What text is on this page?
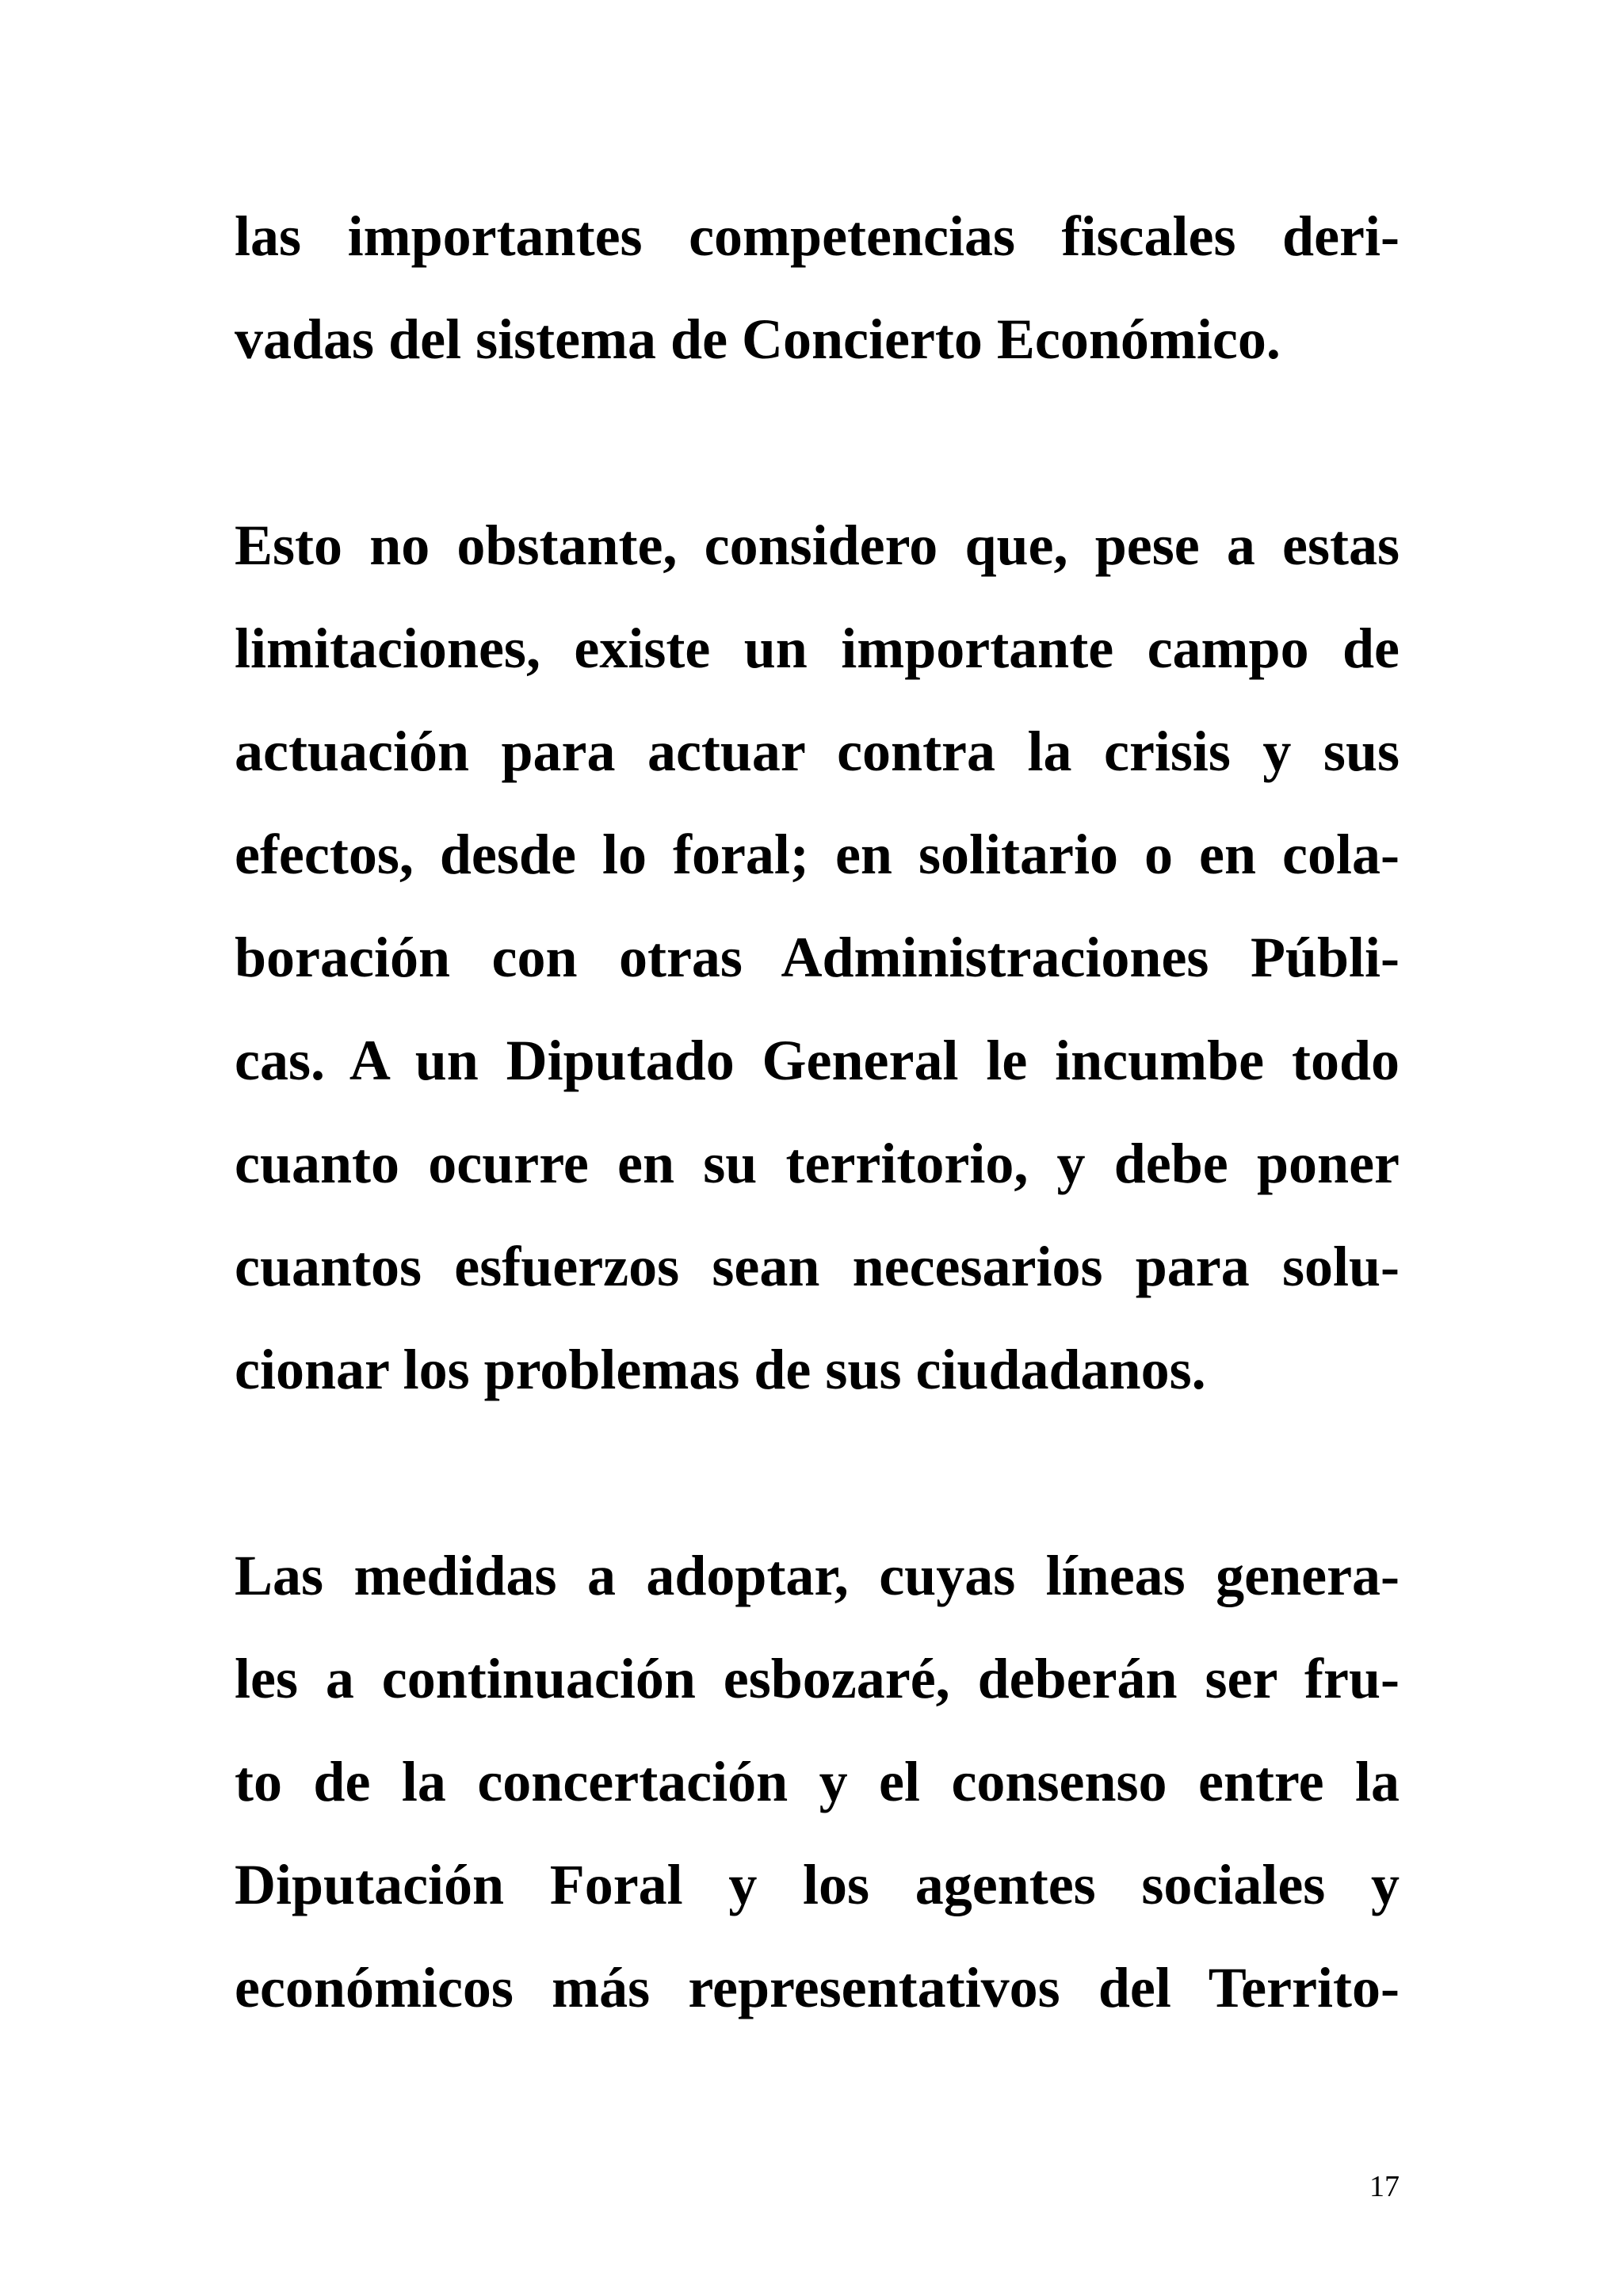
las importantes competencias fiscales deri-
vadas del sistema de Concierto Económico.
Esto no obstante, considero que, pese a estas
limitaciones, existe un importante campo de
actuación para actuar contra la crisis y sus
efectos, desde lo foral; en solitario o en cola-
boración con otras Administraciones Públi-
cas. A un Diputado General le incumbe todo
cuanto ocurre en su territorio, y debe poner
cuantos esfuerzos sean necesarios para solu-
cionar los problemas de sus ciudadanos.
Las medidas a adoptar, cuyas líneas genera-
les a continuación esbozaré, deberán ser fru-
to de la concertación y el consenso entre la
Diputación Foral y los agentes sociales y
económicos más representativos del Territo-
17
